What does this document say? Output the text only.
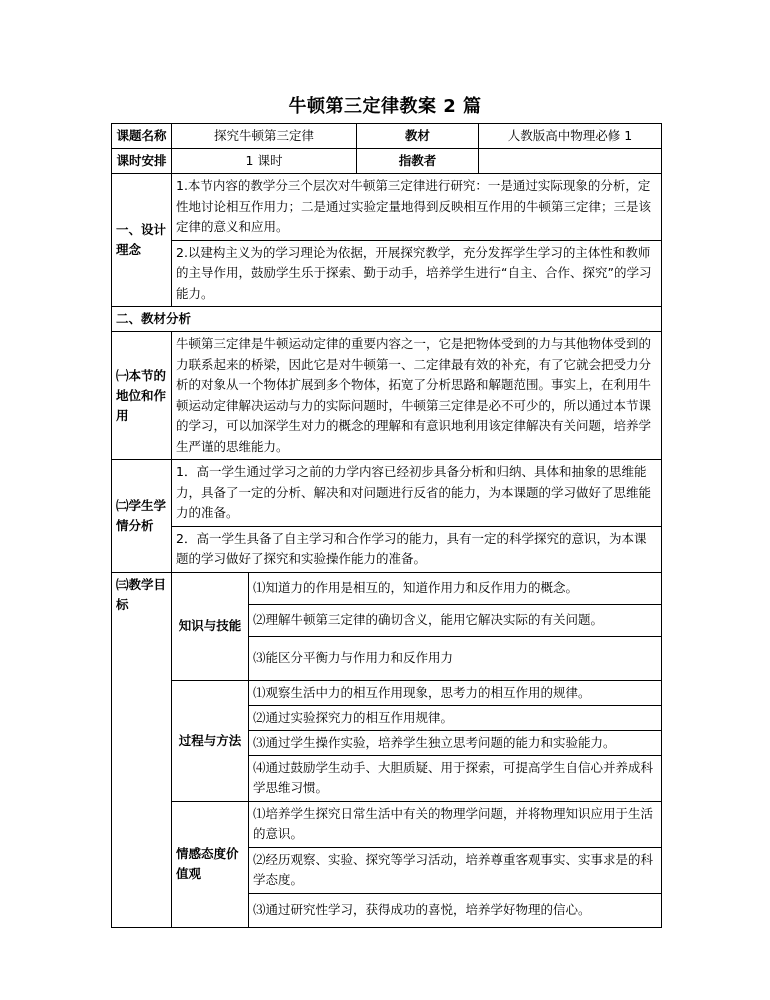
牛顿第三定律教案 2 篇
课题名称	探究牛顿第三定律		教材	人教版高中物理必修 1
课时安排	1 课时		指教者	
一、设计理念	1.本节内容的教学分三个层次对牛顿第三定律进行研究：一是通过实际现象的分析，定性地讨论相互作用力；二是通过实验定量地得到反映相互作用的牛顿第三定律；三是该定律的意义和应用。			
	2.以建构主义为的学习理论为依据，开展探究教学，充分发挥学生学习的主体性和教师的主导作用，鼓励学生乐于探索、勤于动手，培养学生进行“自主、合作、探究”的学习能力。			
二、教材分析				
㈠本节的地位和作用	牛顿第三定律是牛顿运动定律的重要内容之一，它是把物体受到的力与其他物体受到的力联系起来的桥梁，因此它是对牛顿第一、二定律最有效的补充，有了它就会把受力分析的对象从一个物体扩展到多个物体，拓宽了分析思路和解题范围。事实上，在利用牛顿运动定律解决运动与力的实际问题时，牛顿第三定律是必不可少的，所以通过本节课的学习，可以加深学生对力的概念的理解和有意识地利用该定律解决有关问题，培养学生严谨的思维能力。			
㈡学生学情分析	1．高一学生通过学习之前的力学内容已经初步具备分析和归纳、具体和抽象的思维能力，具备了一定的分析、解决和对问题进行反省的能力，为本课题的学习做好了思维能力的准备。			
	2．高一学生具备了自主学习和合作学习的能力，具有一定的科学探究的意识，为本课题的学习做好了探究和实验操作能力的准备。			
㈢教学目标	知识与技能	⑴知道力的作用是相互的，知道作用力和反作用力的概念。		
		⑵理解牛顿第三定律的确切含义，能用它解决实际的有关问题。		
		⑶能区分平衡力与作用力和反作用力		
	过程与方法	⑴观察生活中力的相互作用现象，思考力的相互作用的规律。		
		⑵通过实验探究力的相互作用规律。		
		⑶通过学生操作实验，培养学生独立思考问题的能力和实验能力。		
		⑷通过鼓励学生动手、大胆质疑、用于探索，可提高学生自信心并养成科学思维习惯。		
	情感态度价值观	⑴培养学生探究日常生活中有关的物理学问题，并将物理知识应用于生活的意识。		
		⑵经历观察、实验、探究等学习活动，培养尊重客观事实、实事求是的科学态度。		
		⑶通过研究性学习，获得成功的喜悦，培养学好物理的信心。		
